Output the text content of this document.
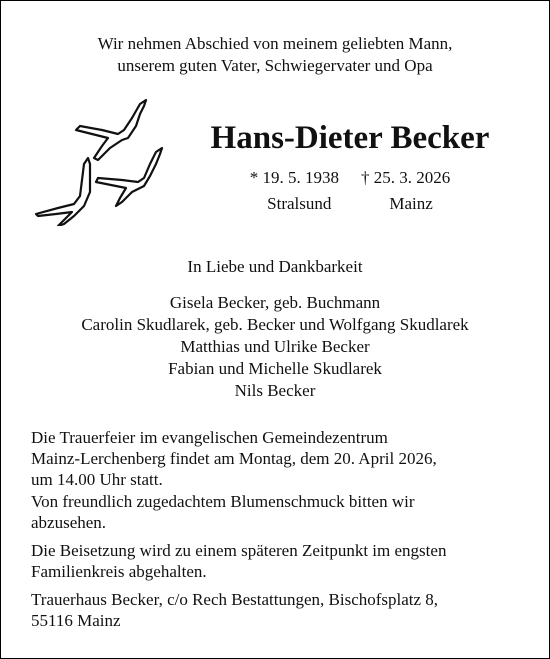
Wir nehmen Abschied von meinem geliebten Mann,
unserem guten Vater, Schwiegervater und Opa
Hans-Dieter Becker
* 19. 5. 1938 † 25. 3. 2026
Stralsund	Mainz
In Liebe und Dankbarkeit
Gisela Becker, geb. Buchmann
Carolin Skudlarek, geb. Becker und Wolfgang Skudlarek
Matthias und Ulrike Becker
Fabian und Michelle Skudlarek
Nils Becker
Die Trauerfeier im evangelischen Gemeindezentrum
Mainz-Lerchenberg findet am Montag, dem 20. April 2026,
um 14.00 Uhr statt.
Von freundlich zugedachtem Blumenschmuck bitten wir
abzusehen.
Die Beisetzung wird zu einem späteren Zeitpunkt im engsten
Familienkreis abgehalten.
Trauerhaus Becker, c/o Rech Bestattungen, Bischofsplatz 8,
55116 Mainz
